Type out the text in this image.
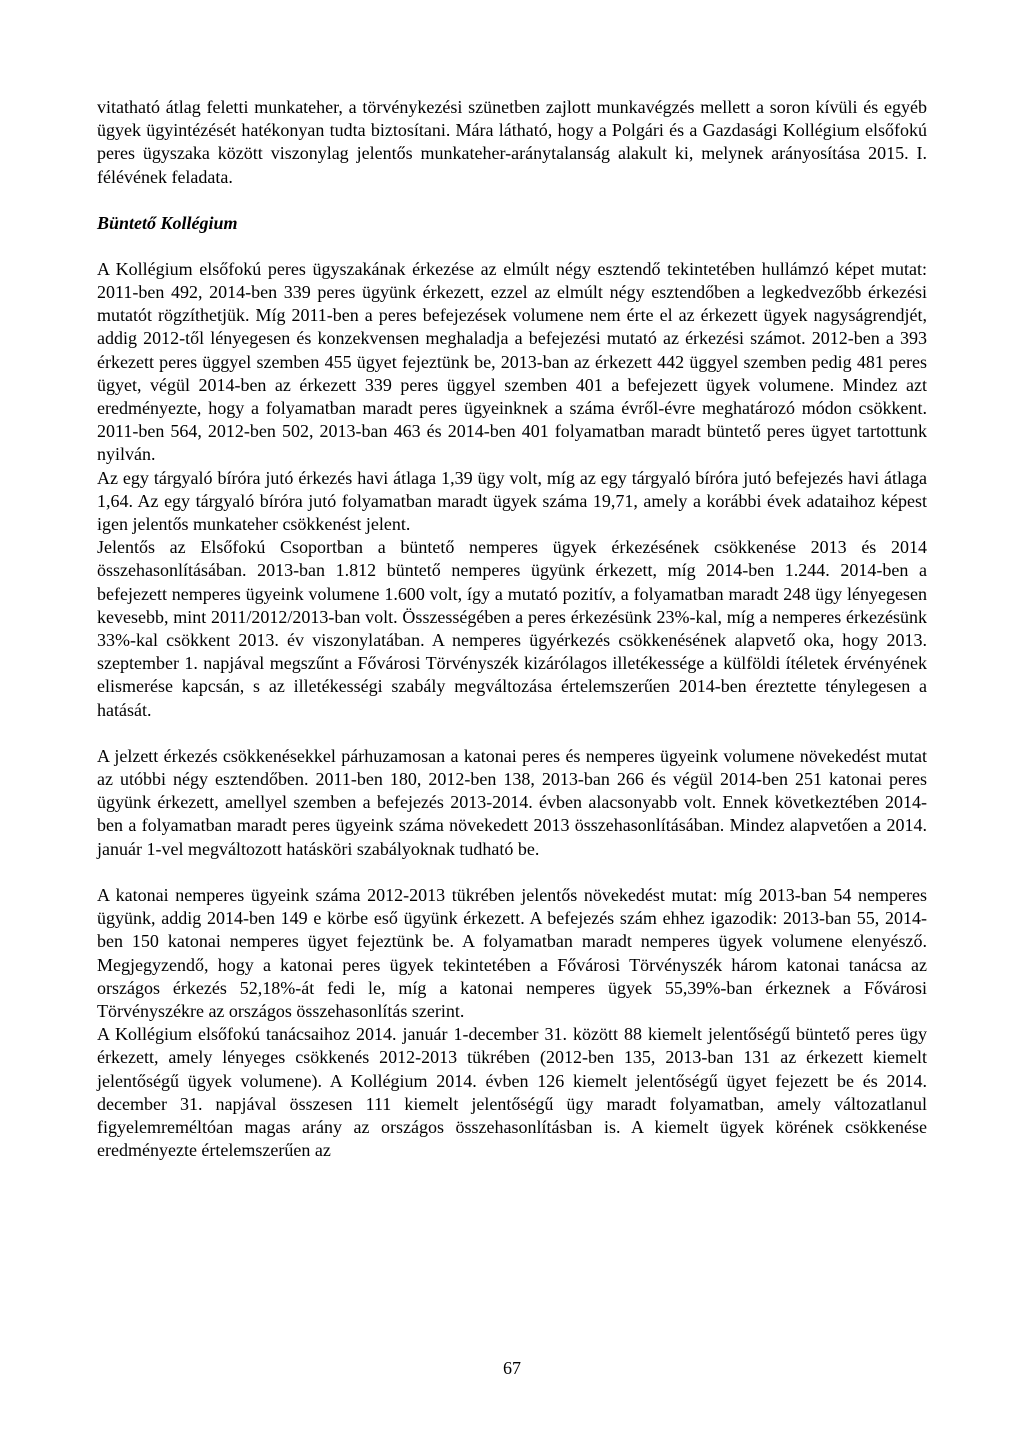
vitatható átlag feletti munkateher, a törvénykezési szünetben zajlott munkavégzés mellett a soron kívüli és egyéb ügyek ügyintézését hatékonyan tudta biztosítani. Mára látható, hogy a Polgári és a Gazdasági Kollégium elsőfokú peres ügyszaka között viszonylag jelentős munkateher-aránytalanság alakult ki, melynek arányosítása 2015. I. félévének feladata.

Büntető Kollégium

A Kollégium elsőfokú peres ügyszakának érkezése az elmúlt négy esztendő tekintetében hullámzó képet mutat: 2011-ben 492, 2014-ben 339 peres ügyünk érkezett, ezzel az elmúlt négy esztendőben a legkedvezőbb érkezési mutatót rögzíthetjük. Míg 2011-ben a peres befejezések volumene nem érte el az érkezett ügyek nagyságrendjét, addig 2012-től lényegesen és konzekvensen meghaladja a befejezési mutató az érkezési számot. 2012-ben a 393 érkezett peres üggyel szemben 455 ügyet fejeztünk be, 2013-ban az érkezett 442 üggyel szemben pedig 481 peres ügyet, végül 2014-ben az érkezett 339 peres üggyel szemben 401 a befejezett ügyek volumene. Mindez azt eredményezte, hogy a folyamatban maradt peres ügyeinknek a száma évről-évre meghatározó módon csökkent. 2011-ben 564, 2012-ben 502, 2013-ban 463 és 2014-ben 401 folyamatban maradt büntető peres ügyet tartottunk nyilván.

Az egy tárgyaló bíróra jutó érkezés havi átlaga 1,39 ügy volt, míg az egy tárgyaló bíróra jutó befejezés havi átlaga 1,64. Az egy tárgyaló bíróra jutó folyamatban maradt ügyek száma 19,71, amely a korábbi évek adataihoz képest igen jelentős munkateher csökkenést jelent.

Jelentős az Elsőfokú Csoportban a büntető nemperes ügyek érkezésének csökkenése 2013 és 2014 összehasonlításában. 2013-ban 1.812 büntető nemperes ügyünk érkezett, míg 2014-ben 1.244. 2014-ben a befejezett nemperes ügyeink volumene 1.600 volt, így a mutató pozitív, a folyamatban maradt 248 ügy lényegesen kevesebb, mint 2011/2012/2013-ban volt. Összességében a peres érkezésünk 23%-kal, míg a nemperes érkezésünk 33%-kal csökkent 2013. év viszonylatában. A nemperes ügyérkezés csökkenésének alapvető oka, hogy 2013. szeptember 1. napjával megszűnt a Fővárosi Törvényszék kizárólagos illetékessége a külföldi ítéletek érvényének elismerése kapcsán, s az illetékességi szabály megváltozása értelemszerűen 2014-ben éreztette ténylegesen a hatását.

A jelzett érkezés csökkenésekkel párhuzamosan a katonai peres és nemperes ügyeink volumene növekedést mutat az utóbbi négy esztendőben. 2011-ben 180, 2012-ben 138, 2013-ban 266 és végül 2014-ben 251 katonai peres ügyünk érkezett, amellyel szemben a befejezés 2013-2014. évben alacsonyabb volt. Ennek következtében 2014-ben a folyamatban maradt peres ügyeink száma növekedett 2013 összehasonlításában. Mindez alapvetően a 2014. január 1-vel megváltozott hatásköri szabályoknak tudható be.

A katonai nemperes ügyeink száma 2012-2013 tükrében jelentős növekedést mutat: míg 2013-ban 54 nemperes ügyünk, addig 2014-ben 149 e körbe eső ügyünk érkezett. A befejezés szám ehhez igazodik: 2013-ban 55, 2014-ben 150 katonai nemperes ügyet fejeztünk be. A folyamatban maradt nemperes ügyek volumene elenyésző. Megjegyzendő, hogy a katonai peres ügyek tekintetében a Fővárosi Törvényszék három katonai tanácsa az országos érkezés 52,18%-át fedi le, míg a katonai nemperes ügyek 55,39%-ban érkeznek a Fővárosi Törvényszékre az országos összehasonlítás szerint.

A Kollégium elsőfokú tanácsaihoz 2014. január 1-december 31. között 88 kiemelt jelentőségű büntető peres ügy érkezett, amely lényeges csökkenés 2012-2013 tükrében (2012-ben 135, 2013-ban 131 az érkezett kiemelt jelentőségű ügyek volumene). A Kollégium 2014. évben 126 kiemelt jelentőségű ügyet fejezett be és 2014. december 31. napjával összesen 111 kiemelt jelentőségű ügy maradt folyamatban, amely változatlanul figyelemreméltóan magas arány az országos összehasonlításban is. A kiemelt ügyek körének csökkenése eredményezte értelemszerűen az

67
